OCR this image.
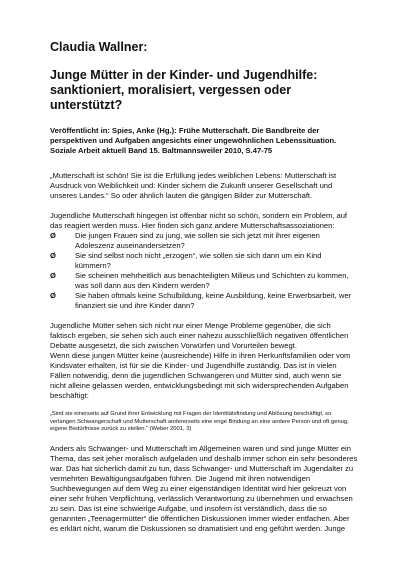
Claudia Wallner:
Junge Mütter in der Kinder- und Jugendhilfe: sanktioniert, moralisiert, vergessen oder unterstützt?

Veröffentlicht in: Spies, Anke (Hg.): Frühe Mutterschaft. Die Bandbreite der perspektiven und Aufgaben angesichts einer ungewöhnlichen Lebenssituation. Soziale Arbeit aktuell Band 15. Baltmannsweiler 2010, S.47-75

„Mutterschaft ist schön! Sie ist die Erfüllung jedes weiblichen Lebens: Mutterschaft ist Ausdruck von Weiblichkeit und: Kinder sichern die Zukunft unserer Gesellschaft und unseres Landes.“ So oder ähnlich lauten die gängigen Bilder zur Mutterschaft.

Jugendliche Mutterschaft hingegen ist offenbar nicht so schön, sondern ein Problem, auf das reagiert werden muss. Hier finden sich ganz andere Mutterschaftsassoziationen:

Ø	Die jungen Frauen sind zu jung, wie sollen sie sich jetzt mit ihrer eigenen Adoleszenz auseinandersetzen?
Ø	Sie sind selbst noch nicht „erzogen“, wie sollen sie sich dann um ein Kind kümmern?
Ø	Sie scheinen mehrheitlich aus benachteiligten Milieus und Schichten zu kommen, was soll dann aus den Kindern werden?
Ø	Sie haben oftmals keine Schulbildung, keine Ausbildung, keine Erwerbsarbeit, wer finanziert sie und ihre Kinder dann?

Jugendliche Mütter sehen sich nicht nur einer Menge Probleme gegenüber, die sich faktisch ergeben, sie sehen sich auch einer nahezu ausschließlich negativen öffentlichen Debatte ausgesetzt, die sich zwischen Vorwürfen und Vorurteilen bewegt.

Wenn diese jungen Mütter keine (ausreichende) Hilfe in ihren Herkunftsfamilien oder vom Kindsvater erhalten, ist für sie die Kinder- und Jugendhilfe zuständig. Das ist in vielen Fällen notwendig, denn die jugendlichen Schwangeren und Mütter sind, auch wenn sie nicht alleine gelassen werden, entwicklungsbedingt mit sich widersprechenden Aufgaben beschäftigt:

„Sind sie einerseits auf Grund ihrer Entwicklung mit Fragen der Identitätsfindung und Ablösung beschäftigt, so verlangen Schwangerschaft und Mutterschaft andererseits eine enge Bindung an eine andere Person und oft genug, eigene Bedürfnisse zurück zu stellen.“ (Weber 2001, 3)

Anders als Schwanger- und Mutterschaft im Allgemeinen waren und sind junge Mütter ein Thema, das seit jeher moralisch aufgeladen und deshalb immer schon ein sehr besonderes war. Das hat sicherlich damit zu tun, dass Schwanger- und Mutterschaft im Jugendalter zu vermehrten Bewältigungsaufgaben führen. Die Jugend mit ihren notwendigen Suchbewegungen auf dem Weg zu einer eigenständigen Identität wird hier gekreuzt von einer sehr frühen Verpflichtung, verlässlich Verantwortung zu übernehmen und erwachsen zu sein. Das ist eine schwierige Aufgabe, und insofern ist verständlich, dass die so genannten „Teenagermütter“ die öffentlichen Diskussionen immer wieder entfachen. Aber es erklärt nicht, warum die Diskussionen so dramatisiert und eng geführt werden. Junge
